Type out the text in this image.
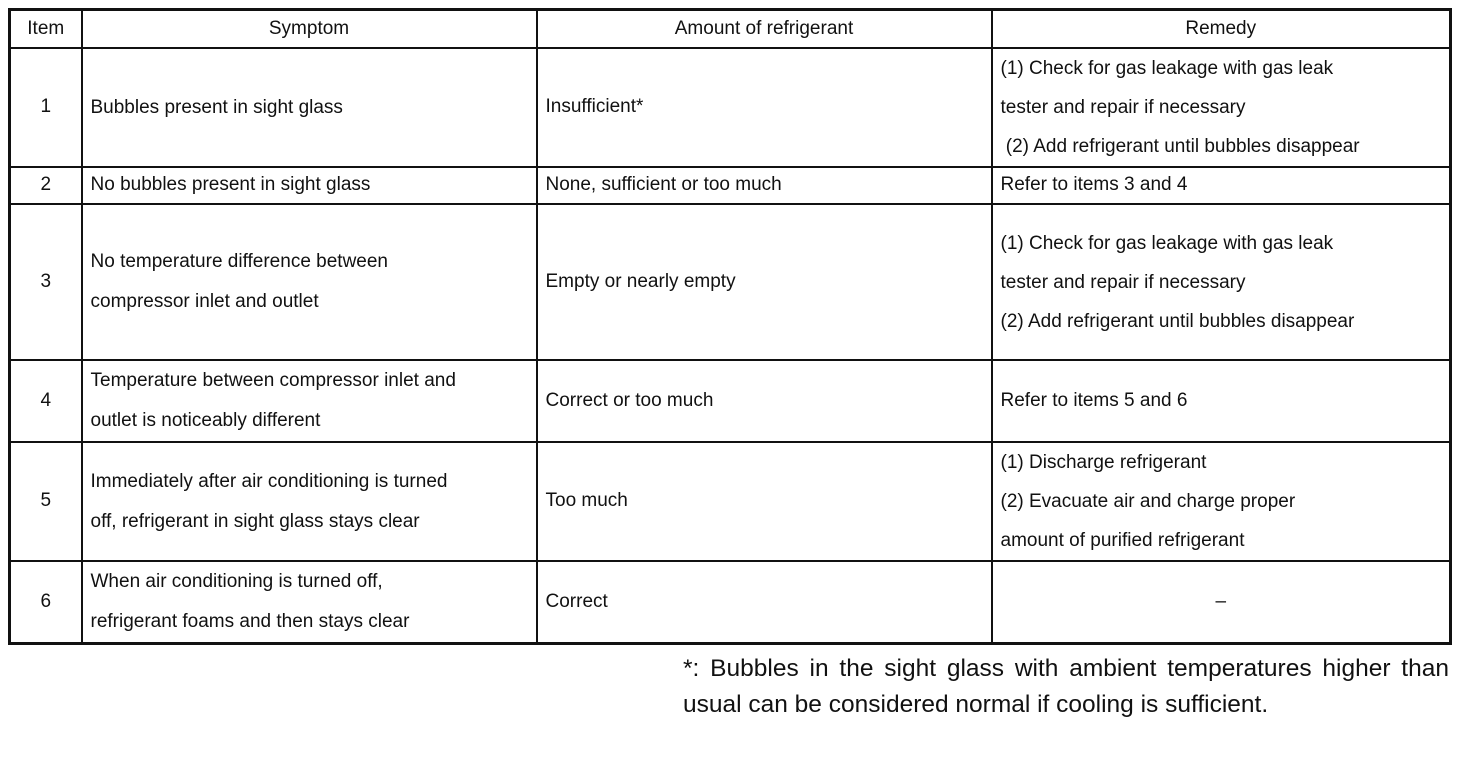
Item	Symptom	Amount of refrigerant	Remedy
1	Bubbles present in sight glass	Insufficient*	(1) Check for gas leakage with gas leak
tester and repair if necessary
(2) Add refrigerant until bubbles disappear

2	No bubbles present in sight glass	None, sufficient or too much	Refer to items 3 and 4
3	No temperature difference between
compressor inlet and outlet	Empty or nearly empty	(1) Check for gas leakage with gas leak
tester and repair if necessary
(2) Add refrigerant until bubbles disappear

4	Temperature between compressor inlet and
outlet is noticeably different	Correct or too much	Refer to items 5 and 6
5	Immediately after air conditioning is turned
off, refrigerant in sight glass stays clear	Too much	(1) Discharge refrigerant
(2) Evacuate air and charge proper
amount of purified refrigerant

6	When air conditioning is turned off,
refrigerant foams and then stays clear	Correct	–

*: Bubbles in the sight glass with ambient temperatures higher than usual can be considered normal if cooling is sufficient.
